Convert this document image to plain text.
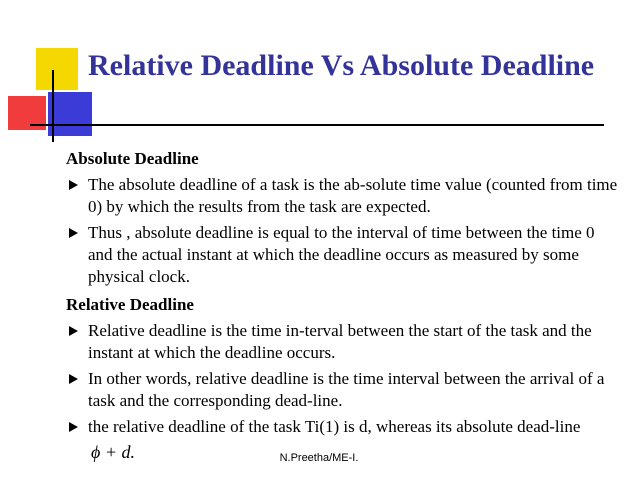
Relative Deadline Vs Absolute Deadline

Absolute Deadline

The absolute deadline of a task is the ab-solute time value (counted from time 0) by which the results from the task are expected.
Thus , absolute deadline is equal to the interval of time between the time 0 and the actual instant at which the deadline occurs as measured by some physical clock.

Relative Deadline

Relative deadline is the time in-terval between the start of the task and the instant at which the deadline occurs.
In other words, relative deadline is the time interval between the arrival of a task and the corresponding dead-line.
the relative deadline of the task Ti(1) is d, whereas its absolute dead-line
ϕ + d.	N.Preetha/ME-I.
